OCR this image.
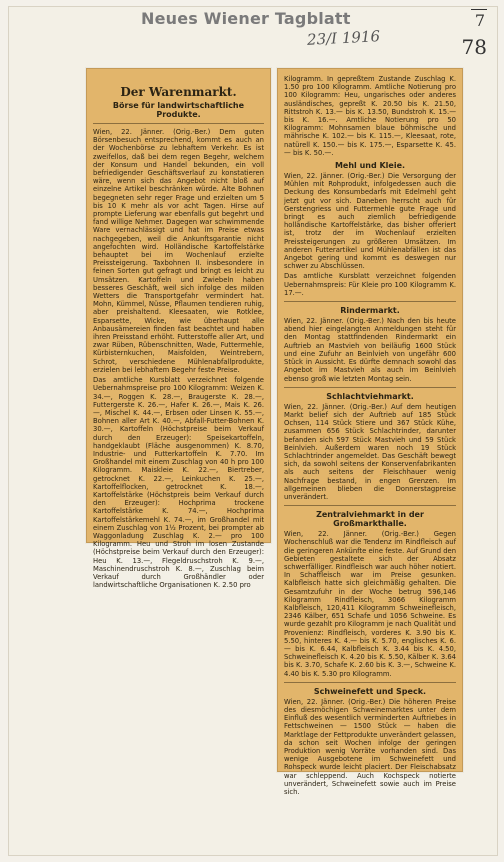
Neues Wiener Tagblatt
23/I 1916
7
78
Der Warenmarkt.
Börse für landwirtschaftliche Produkte.
Wien, 22. Jänner. (Orig.-Ber.) Dem guten Börsenbesuch entsprechend, kommt es auch an der Wochenbörse zu lebhaftem Verkehr. Es ist zweifellos, daß bei dem regen Begehr, welchem der Konsum und Handel bekunden, ein voll befriedigender Geschäftsverlauf zu konstatieren wäre, wenn sich das Angebot nicht bloß auf einzelne Artikel beschränken würde. Alte Bohnen begegneten sehr reger Frage und erzielten um 5 bis 10 K mehr als vor acht Tagen. Hirse auf prompte Lieferung war ebenfalls gut begehrt und fand willige Nehmer. Dagegen war schwimmende Ware vernachlässigt und hat im Preise etwas nachgegeben, weil die Ankunftsgarantie nicht angefochten wird. Holländische Kartoffelstärke behauptet bei im Wochenlauf erzielte Preissteigerung. Taxbohnen II. insbesondere in feinen Sorten gut gefragt und bringt es leicht zu Umsätzen. Kartoffeln und Zwiebeln haben besseres Geschäft, weil sich infolge des milden Wetters die Transportgefahr vermindert hat. Mohn, Kümmel, Nüsse, Pflaumen tendieren ruhig, aber preishaltend. Kleesaaten, wie Rotklee, Esparsette, Wicke, wie überhaupt alle Anbausämereien finden fast beachtet und haben ihren Preisstand erhöht. Futterstoffe aller Art, und zwar Rüben, Rübenschnitten, Wade, Futtermehle, Kürbisternkuchen, Maisfolden, Weintrebern, Schrot, verschiedene Mühlenabfallprodukte, erzielen bei lebhaftem Begehr feste Preise.
Das amtliche Kursblatt verzeichnet folgende Uebernahmspreise pro 100 Kilogramm: Weizen K. 34.—, Roggen K. 28.—, Braugerste K. 28.—, Futtergerste K. 26.—, Hafer K. 26.—, Mais K. 26.—, Mischel K. 44.—, Erbsen oder Linsen K. 55.—, Bohnen aller Art K. 40.—, Abfall-Futter-Bohnen K. 30.—, Kartoffeln (Höchstpreise beim Verkauf durch den Erzeuger): Speisekartoffeln, handgeklaubt (Fläche ausgenommen) K. 8.70, Industrie- und Futterkartoffeln K. 7.70. Im Großhandel mit einem Zuschlag von 40 h pro 100 Kilogramm. Maiskleie K. 22.—, Biertreber, getrocknet K. 22.—, Leinkuchen K. 25.—, Kartoffelflocken, getrocknet K. 18.—, Kartoffelstärke (Höchstpreis beim Verkauf durch den Erzeuger): Hochprima trockene Kartoffelstärke K. 74.—, Hochprima Kartoffelstärkemehl K. 74.—, im Großhandel mit einem Zuschlag von 1½ Prozent, bei prompter ab Waggonladung Zuschlag K. 2.— pro 100 Kilogramm. Heu und Stroh im losen Zustande (Höchstpreise beim Verkauf durch den Erzeuger): Heu K. 13.—, Flegeldruschstroh K. 9.—, Maschinendruschstroh K. 8.—, Zuschlag beim Verkauf durch Großhändler oder landwirtschaftliche Organisationen K. 2.50 pro
Kilogramm. In gepreßtem Zustande Zuschlag K. 1.50 pro 100 Kilogramm. Amtliche Notierung pro 100 Kilogramm: Heu, ungarisches oder anderes ausländisches, gepreßt K. 20.50 bis K. 21.50, Rittstroh K. 13.— bis K. 13.50, Bundstroh K. 15.— bis K. 16.—. Amtliche Notierung pro 50 Kilogramm: Mohnsamen blaue böhmische und mährische K. 102.— bis K. 115.—, Kleesaat, rote, natürell K. 150.— bis K. 175.—, Esparsette K. 45.— bis K. 50.—.
Mehl und Kleie.
Wien, 22. Jänner. (Orig.-Ber.) Die Versorgung der Mühlen mit Rohprodukt, infolgedessen auch die Deckung des Konsumbedarfs mit Edelmehl geht jetzt gut vor sich. Daneben herrscht auch für Gerstengriess und Futtermehle gute Frage und bringt es auch ziemlich befriedigende holländische Kartoffelstärke, das bisher offeriert ist, trotz der im Wochenlauf erzielten Preissteigerungen zu größeren Umsätzen. Im anderen Futterartikel und Mühlenabfällen ist das Angebot gering und kommt es deswegen nur schwer zu Abschlüssen.
Das amtliche Kursblatt verzeichnet folgenden Uebernahmspreis: Für Kleie pro 100 Kilogramm K. 17.—.
Rindermarkt.
Wien, 22. Jänner. (Orig.-Ber.) Nach den bis heute abend hier eingelangten Anmeldungen steht für den Montag stattfindenden Rindermarkt ein Auftrieb an Mastvieh von beiläufig 1600 Stück und eine Zufuhr an Beinlvieh von ungefähr 600 Stück in Aussicht. Es dürfte demnach sowohl das Angebot im Mastvieh als auch im Beinlvieh ebenso groß wie letzten Montag sein.
Schlachtviehmarkt.
Wien, 22. Jänner. (Orig.-Ber.) Auf dem heutigen Markt belief sich der Auftrieb auf 185 Stück Ochsen, 114 Stück Stiere und 367 Stück Kühe, zusammen 656 Stück Schlachtrinder, darunter befanden sich 597 Stück Mastvieh und 59 Stück Beinlvieh. Außerdem waren noch 19 Stück Schlachtrinder angemeldet. Das Geschäft bewegt sich, da sowohl seitens der Konservenfabrikanten als auch seitens der Fleischhauer wenig Nachfrage bestand, in engen Grenzen. Im allgemeinen blieben die Donnerstagpreise unverändert.
Zentralviehmarkt in der Großmarkthalle.
Wien, 22. Jänner. (Orig.-Ber.) Gegen Wochenschluß war die Tendenz im Rindfleisch auf die geringeren Ankünfte eine feste. Auf Grund den Gebieten gestaltete sich der Absatz schwerfälliger. Rindfleisch war auch höher notiert. In Schaffleisch war im Preise gesunken. Kalbfleisch hatte sich gleichmäßig gehalten. Die Gesamtzufuhr in der Woche betrug 596,146 Kilogramm Rindfleisch, 3066 Kilogramm Kalbfleisch, 120,411 Kilogramm Schweinefleisch, 2346 Kälber, 651 Schafe und 1056 Schweine. Es wurde gezahlt pro Kilogramm je nach Qualität und Provenienz: Rindfleisch, vorderes K. 3.90 bis K. 5.50, hinteres K. 4.— bis K. 5.70, englisches K. 6.— bis K. 6.44, Kalbfleisch K. 3.44 bis K. 4.50, Schweinefleisch K. 4.20 bis K. 5.50, Kälber K. 3.64 bis K. 3.70, Schafe K. 2.60 bis K. 3.—, Schweine K. 4.40 bis K. 5.30 pro Kilogramm.
Schweinefett und Speck.
Wien, 22. Jänner. (Orig.-Ber.) Die höheren Preise des diesmöchigen Schweinemarktes unter dem Einfluß des wesentlich verminderten Auftriebes in Fettschweinen — 1500 Stück — haben die Marktlage der Fettprodukte unverändert gelassen, da schon seit Wochen infolge der geringen Produktion wenig Vorräte vorhanden sind. Das wenige Ausgebotene im Schweinefett und Rohspeck wurde leicht placiert. Der Fleischabsatz war schleppend. Auch Kochspeck notierte unverändert, Schweinefett sowie auch im Preise sich.
